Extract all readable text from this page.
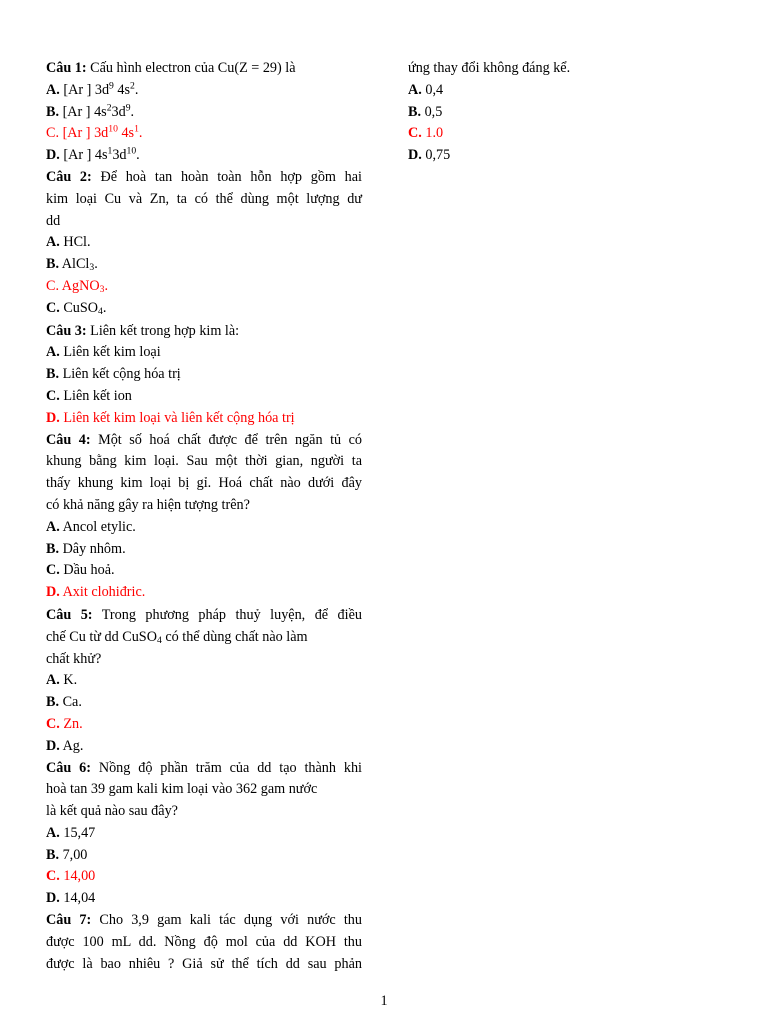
Câu 1: Cấu hình electron của Cu(Z = 29) là
A. [Ar ] $3d^9$ $4s^2$.
B. [Ar ] $4s^23d^9$.
C. [Ar ] $3d^{10}$ $4s^1$.
D. [Ar ] $4s^13d^{10}$.
Câu 2: Để hoà tan hoàn toàn hỗn hợp gồm hai
kim loại Cu và Zn, ta có thể dùng một lượng dư
dd
A. HCl.
B. AlCl$_3$.
C. AgNO$_3$.
C. CuSO$_4$.
Câu 3: Liên kết trong hợp kim là:
A. Liên kết kim loại
B. Liên kết cộng hóa trị
C. Liên kết ion
D. Liên kết kim loại và liên kết cộng hóa trị
Câu 4: Một số hoá chất được để trên ngăn tủ có
khung bằng kim loại. Sau một thời gian, người ta
thấy khung kim loại bị gỉ. Hoá chất nào dưới đây
có khả năng gây ra hiện tượng trên?
A. Ancol etylic.
B. Dây nhôm.
C. Dầu hoả.
D. Axit clohiđric.
Câu 5: Trong phương pháp thuỷ luyện, để điều
chế Cu từ dd CuSO$_4$ có thể dùng chất nào làm
chất khử?
A. K.
B. Ca.
C. Zn.
D. Ag.
Câu 6: Nồng độ phần trăm của dd tạo thành khi
hoà tan 39 gam kali kim loại vào 362 gam nước
là kết quả nào sau đây?
A. 15,47
B. 7,00
C. 14,00
D. 14,04
Câu 7: Cho 3,9 gam kali tác dụng với nước thu
được 100 mL dd. Nồng độ mol của dd KOH thu
được là bao nhiêu ? Giả sử thể tích dd sau phản
ứng thay đổi không đáng kể.
A. 0,4
B. 0,5
C. 1.0
D. 0,75
1
